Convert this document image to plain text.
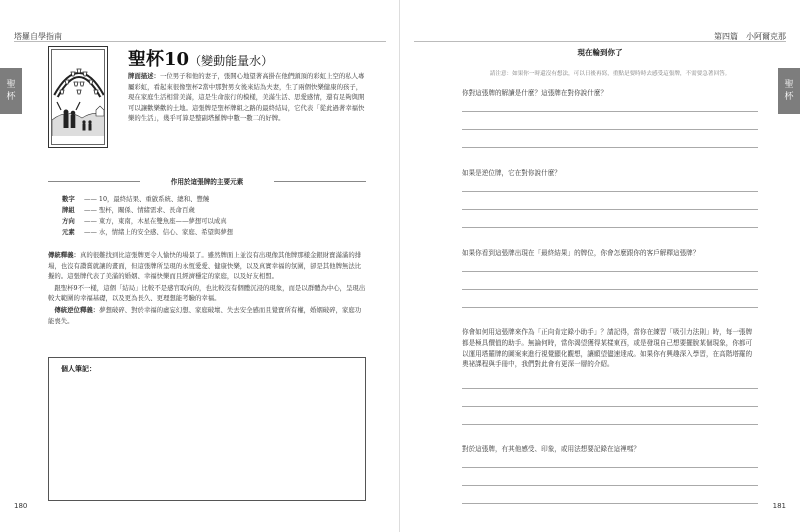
塔羅自學指南
聖杯
聖杯10（變動能量水）
牌面描述：一位男子和他的妻子，張開心地望著高掛在他們頭頂的彩虹上空的私人專屬彩虹，看起來很像聖杯2當中那對男女後來結為夫妻，生了兩個快樂健康的孩子，現在家庭生活相當美滿，這是生命旅行的模樣，美滿生活、思愛感情，還有足夠與開可以讓歡樂歡的土地。這張牌是聖杯牌組之路的最終結局，它代表「從此過著幸福快樂的生活」，幾乎可算是整副塔羅牌中數一數二的好牌。
作用於這張牌的主要元素
數字 —— 10，最終結果、重啟系統、總和、豐饒
牌組 —— 聖杯，關係、情緒需求、長命百歲
方向 —— 東方，東南，木星在雙魚座——夢想可以成真
元素 —— 水，情緒上的安全感、信心、家庭、希望與夢想

傳統釋義：真的很難找到比這張牌更令人愉快的場景了。雖然牌面上並沒有出現像其他牌那樣金銀財寶滿滿的排場，也沒有讚賞就讓的畫面，但這張牌所呈現的永恆愛愛、健康快樂，以及真實幸福的氛圍，卻是其他牌無法比擬的。這張牌代表了美滿的婚姻、幸福快樂而且經濟穩定的家庭，以及好友相盟。

　跟聖杯9不一樣，這個「結局」比較不是感官取向的，也比較沒有個體沉浸的現象，而是以群體為中心，呈現出較大範圍的幸福基礎，以及更為長久、更理想能考驗的幸福。

　傳統逆位釋義：夢想破碎、對於幸福的虛妄幻想、家庭破壞、失去安全感而且覺寶所有權，婚姻破碎，家庭功能喪失。

個人筆記：
180
第四篇　 小阿爾克那
聖杯
現在輪到你了
請注意：如果你一時還沒有想法，可以日後再寫，重點是要時時去感受這張牌，不需要急著回答。
你對這張牌的解讀是什麼？這張牌在對你說什麼？
如果是逆位牌，它在對你說什麼？
如果你看到這張牌出現在「最終結果」的牌位，你會怎麼跟你的客戶解釋這張牌？
你會如何用這張牌來作為「正向肯定錄小助手」？請記得，當你在練習「吸引力法則」時，每一張牌都是極具價值的助手。無論何時，當你渴望獲得某樣東西，或是發現自己想要擺脫某個現象，你都可以運用塔羅牌的圖案來進行視覺顯化觀想，讓願望儘速達成。如果你有興趣深入學習，在高階塔羅的奧祕課程與手冊中，我們對此會有更深一層的介紹。
對於這張牌，有其他感受、印象，或用法想要記錄在這裡嗎？
181
